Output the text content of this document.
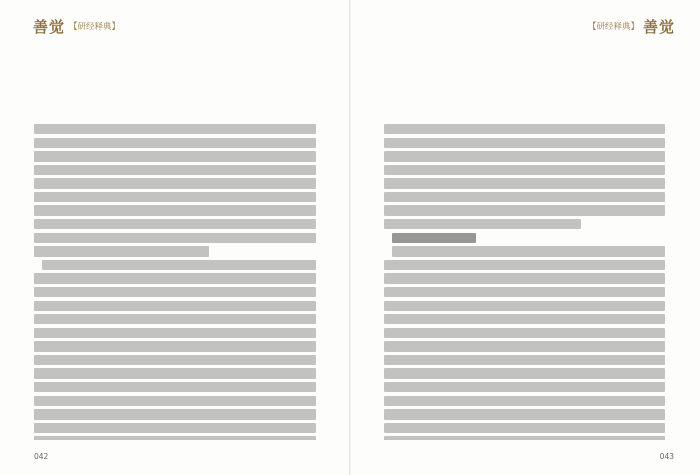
善觉 【研经释典】
042
【研经释典】 善觉
043
